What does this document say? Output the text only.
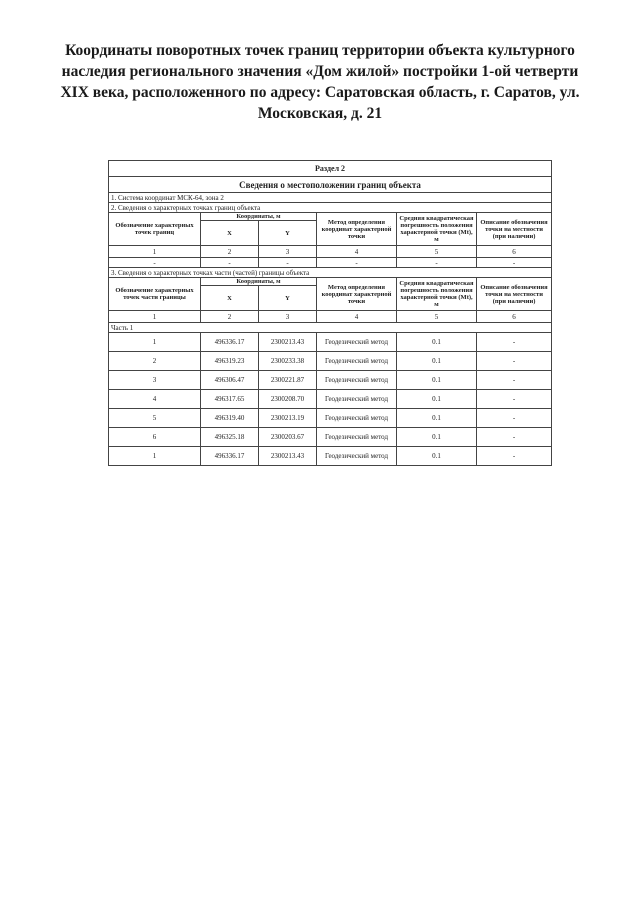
Координаты поворотных точек границ территории объекта культурного
наследия регионального значения «Дом жилой» постройки 1-ой четверти
XIX века, расположенного по адресу: Саратовская область, г. Саратов, ул.
Московская, д. 21
Раздел 2					
Сведения о местоположении границ объекта					
1. Система координат МСК-64, зона 2					
2. Сведения о характерных точках границ объекта					
Обозначение характерных точек границ	Координаты, м		Метод определения координат характерной точки	Средняя квадратическая погрешность положения характерной точки (Mt), м	Описание обозначения точки на местности (при наличии)
	X	Y			
1	2	3	4	5	6
-	-	-	-	-	-
3. Сведения о характерных точках части (частей) границы объекта					
Обозначение характерных точек части границы	Координаты, м		Метод определения координат характерной точки	Средняя квадратическая погрешность положения характерной точки (Mt), м	Описание обозначения точки на местности (при наличии)
	X	Y			
1	2	3	4	5	6
Часть 1					
1	496336.17	2300213.43	Геодезический метод	0.1	-
2	496319.23	2300233.38	Геодезический метод	0.1	-
3	496306.47	2300221.87	Геодезический метод	0.1	-
4	496317.65	2300208.70	Геодезический метод	0.1	-
5	496319.40	2300213.19	Геодезический метод	0.1	-
6	496325.18	2300203.67	Геодезический метод	0.1	-
1	496336.17	2300213.43	Геодезический метод	0.1	-
